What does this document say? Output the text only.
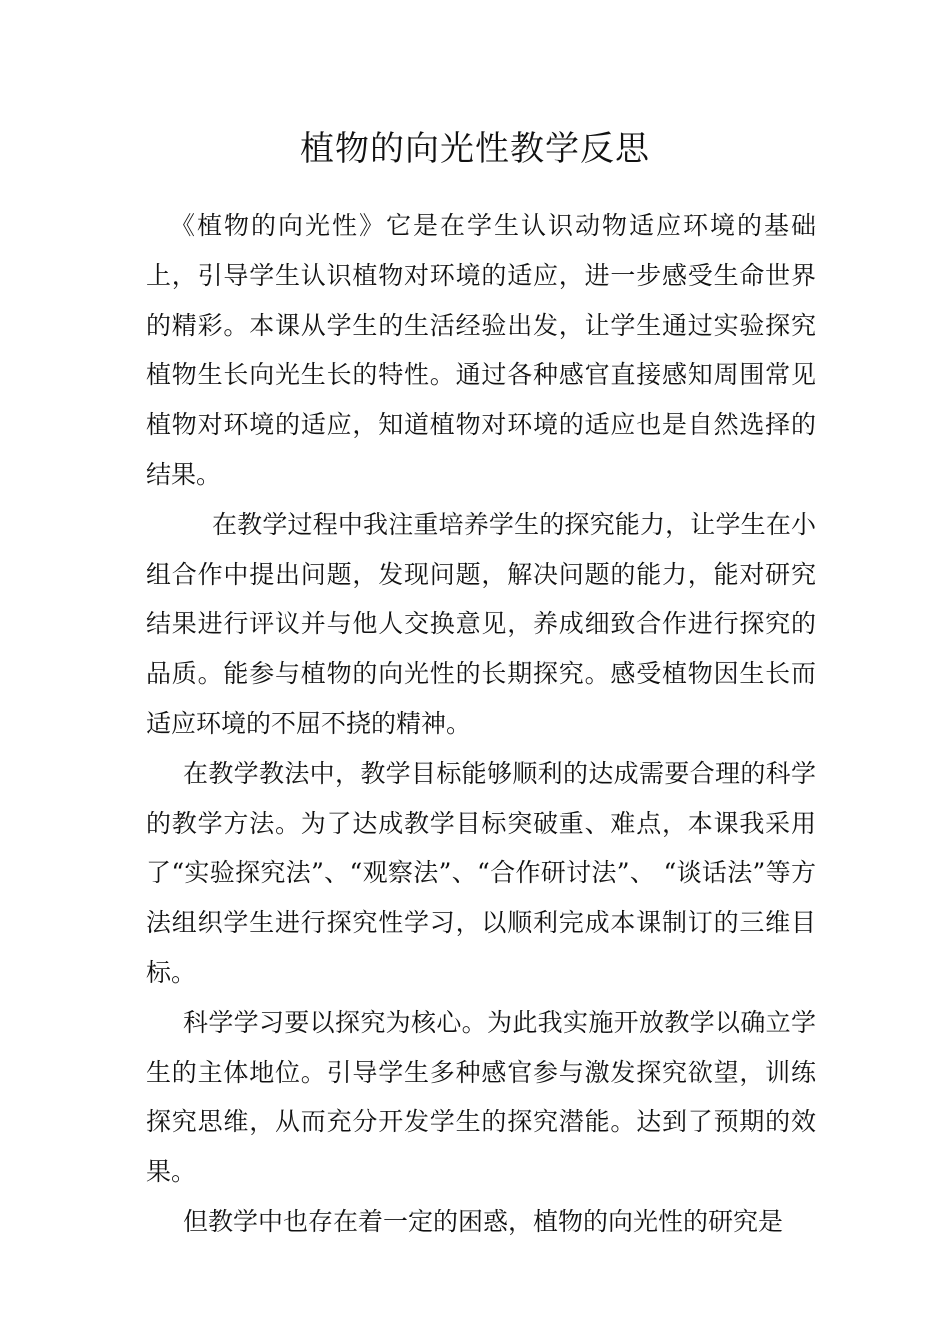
植物的向光性教学反思

《植物的向光性》它是在学生认识动物适应环境的基础上，引导学生认识植物对环境的适应，进一步感受生命世界的精彩。本课从学生的生活经验出发，让学生通过实验探究植物生长向光生长的特性。通过各种感官直接感知周围常见植物对环境的适应，知道植物对环境的适应也是自然选择的结果。

在教学过程中我注重培养学生的探究能力，让学生在小组合作中提出问题，发现问题，解决问题的能力，能对研究结果进行评议并与他人交换意见，养成细致合作进行探究的品质。能参与植物的向光性的长期探究。感受植物因生长而适应环境的不屈不挠的精神。

在教学教法中，教学目标能够顺利的达成需要合理的科学的教学方法。为了达成教学目标突破重、难点，本课我采用了“实验探究法”、“观察法”、“合作研讨法”、 “谈话法”等方法组织学生进行探究性学习，以顺利完成本课制订的三维目标。

科学学习要以探究为核心。为此我实施开放教学以确立学生的主体地位。引导学生多种感官参与激发探究欲望，训练探究思维，从而充分开发学生的探究潜能。达到了预期的效果。

但教学中也存在着一定的困惑，植物的向光性的研究是
